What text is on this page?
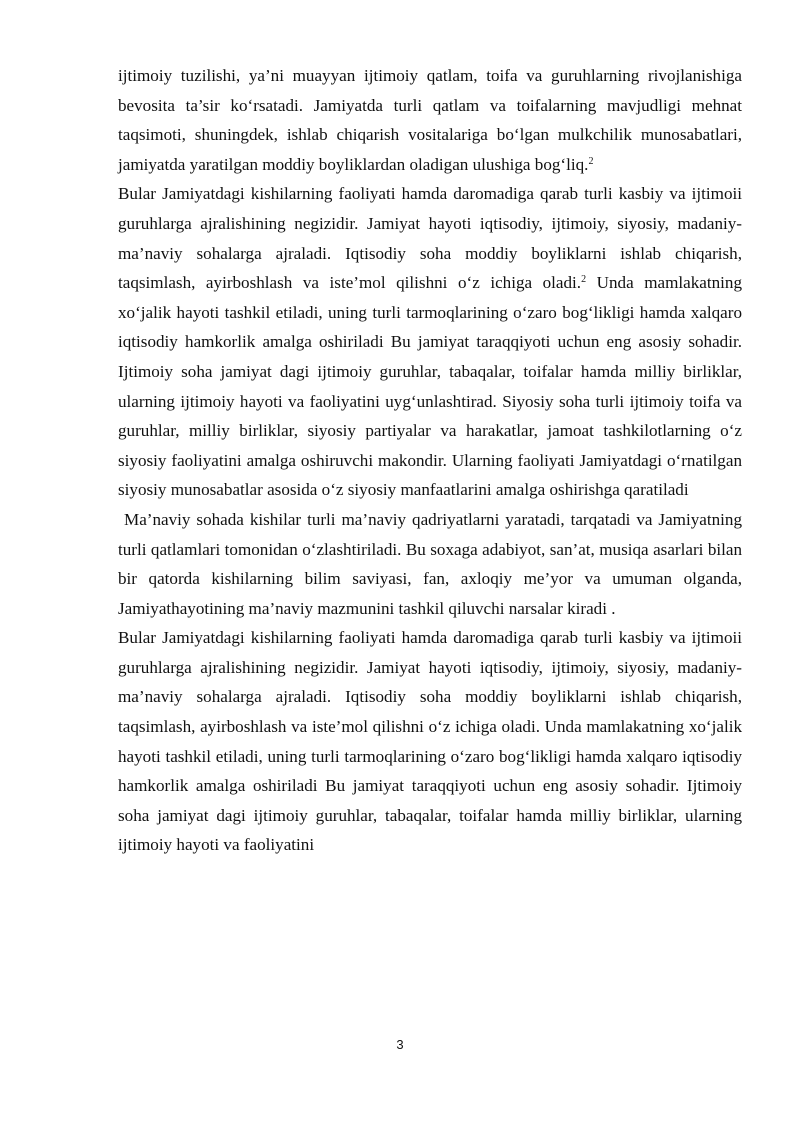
ijtimoiy tuzilishi, ya’ni muayyan ijtimoiy qatlam, toifa va guruhlarning rivojlanishiga bevosita ta’sir ko‘rsatadi. Jamiyatda turli qatlam va toifalarning mavjudligi mehnat taqsimoti, shuningdek, ishlab chiqarish vositalariga bo‘lgan mulkchilik munosabatlari, jamiyatda yaratilgan moddiy boyliklardan oladigan ulushiga bog‘liq.$^2$

Bular Jamiyatdagi kishilarning faoliyati hamda daromadiga qarab turli kasbiy va ijtimoii guruhlarga ajralishining negizidir. Jamiyat hayoti iqtisodiy, ijtimoiy, siyosiy, madaniy-ma’naviy sohalarga ajraladi. Iqtisodiy soha moddiy boyliklarni ishlab chiqarish, taqsimlash, ayirboshlash va iste’mol qilishni o‘z ichiga oladi.$^2$ Unda mamlakatning xo‘jalik hayoti tashkil etiladi, uning turli tarmoqlarining o‘zaro bog‘likligi hamda xalqaro iqtisodiy hamkorlik amalga oshiriladi Bu jamiyat taraqqiyoti uchun eng asosiy sohadir. Ijtimoiy soha jamiyat dagi ijtimoiy guruhlar, tabaqalar, toifalar hamda milliy birliklar, ularning ijtimoiy hayoti va faoliyatini uyg‘unlashtirad. Siyosiy soha turli ijtimoiy toifa va guruhlar, milliy birliklar, siyosiy partiyalar va harakatlar, jamoat tashkilotlarning o‘z siyosiy faoliyatini amalga oshiruvchi makondir. Ularning faoliyati Jamiyatdagi o‘rnatilgan siyosiy munosabatlar asosida o‘z siyosiy manfaatlarini amalga oshirishga qaratiladi

Ma’naviy sohada kishilar turli ma’naviy qadriyatlarni yaratadi, tarqatadi va Jamiyatning turli qatlamlari tomonidan o‘zlashtiriladi. Bu soxaga adabiyot, san’at, musiqa asarlari bilan bir qatorda kishilarning bilim saviyasi, fan, axloqiy me’yor va umuman olganda, Jamiyathayotining ma’naviy mazmunini tashkil qiluvchi narsalar kiradi .

Bular Jamiyatdagi kishilarning faoliyati hamda daromadiga qarab turli kasbiy va ijtimoii guruhlarga ajralishining negizidir. Jamiyat hayoti iqtisodiy, ijtimoiy, siyosiy, madaniy-ma’naviy sohalarga ajraladi. Iqtisodiy soha moddiy boyliklarni ishlab chiqarish, taqsimlash, ayirboshlash va iste’mol qilishni o‘z ichiga oladi. Unda mamlakatning xo‘jalik hayoti tashkil etiladi, uning turli tarmoqlarining o‘zaro bog‘likligi hamda xalqaro iqtisodiy hamkorlik amalga oshiriladi Bu jamiyat taraqqiyoti uchun eng asosiy sohadir. Ijtimoiy soha jamiyat dagi ijtimoiy guruhlar, tabaqalar, toifalar hamda milliy birliklar, ularning ijtimoiy hayoti va faoliyatini

3
